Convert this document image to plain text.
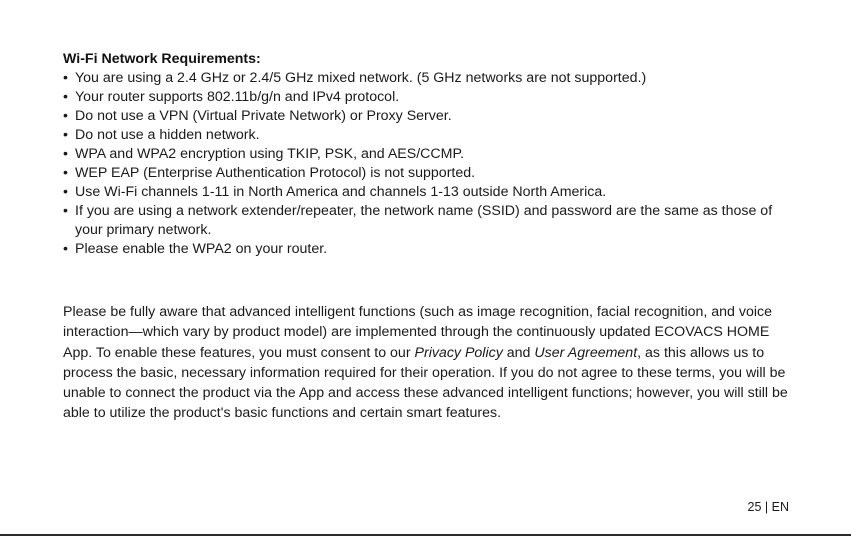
Wi-Fi Network Requirements:
• You are using a 2.4 GHz or 2.4/5 GHz mixed network. (5 GHz networks are not supported.)
• Your router supports 802.11b/g/n and IPv4 protocol.
• Do not use a VPN (Virtual Private Network) or Proxy Server.
• Do not use a hidden network.
• WPA and WPA2 encryption using TKIP, PSK, and AES/CCMP.
• WEP EAP (Enterprise Authentication Protocol) is not supported.
• Use Wi-Fi channels 1-11 in North America and channels 1-13 outside North America.
• If you are using a network extender/repeater, the network name (SSID) and password are the same as those of your primary network.
• Please enable the WPA2 on your router.

Please be fully aware that advanced intelligent functions (such as image recognition, facial recognition, and voice interaction—which vary by product model) are implemented through the continuously updated ECOVACS HOME App. To enable these features, you must consent to our Privacy Policy and User Agreement, as this allows us to process the basic, necessary information required for their operation. If you do not agree to these terms, you will be unable to connect the product via the App and access these advanced intelligent functions; however, you will still be able to utilize the product's basic functions and certain smart features.

25 | EN
